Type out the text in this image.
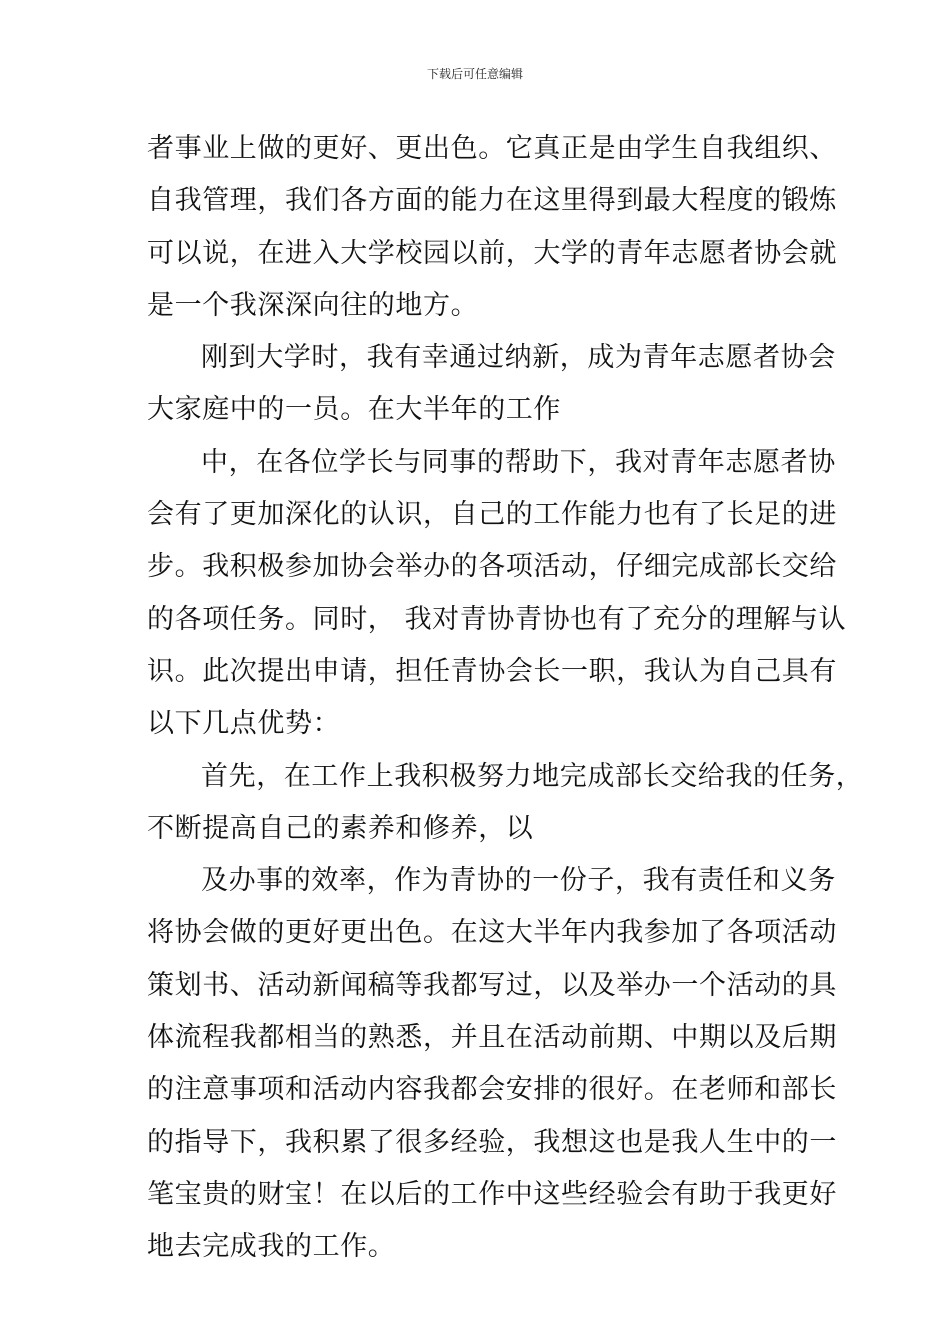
下载后可任意编辑
者事业上做的更好、更出色。它真正是由学生自我组织、
自我管理，我们各方面的能力在这里得到最大程度的锻炼
可以说，在进入大学校园以前，大学的青年志愿者协会就
是一个我深深向往的地方。
刚到大学时，我有幸通过纳新，成为青年志愿者协会
大家庭中的一员。在大半年的工作
中，在各位学长与同事的帮助下，我对青年志愿者协
会有了更加深化的认识，自己的工作能力也有了长足的进
步。我积极参加协会举办的各项活动，仔细完成部长交给
的各项任务。同时， 我对青协青协也有了充分的理解与认
识。此次提出申请，担任青协会长一职，我认为自己具有
以下几点优势：
首先，在工作上我积极努力地完成部长交给我的任务，
不断提高自己的素养和修养，以
及办事的效率，作为青协的一份子，我有责任和义务
将协会做的更好更出色。在这大半年内我参加了各项活动
策划书、活动新闻稿等我都写过，以及举办一个活动的具
体流程我都相当的熟悉，并且在活动前期、中期以及后期
的注意事项和活动内容我都会安排的很好。在老师和部长
的指导下，我积累了很多经验，我想这也是我人生中的一
笔宝贵的财宝！在以后的工作中这些经验会有助于我更好
地去完成我的工作。
